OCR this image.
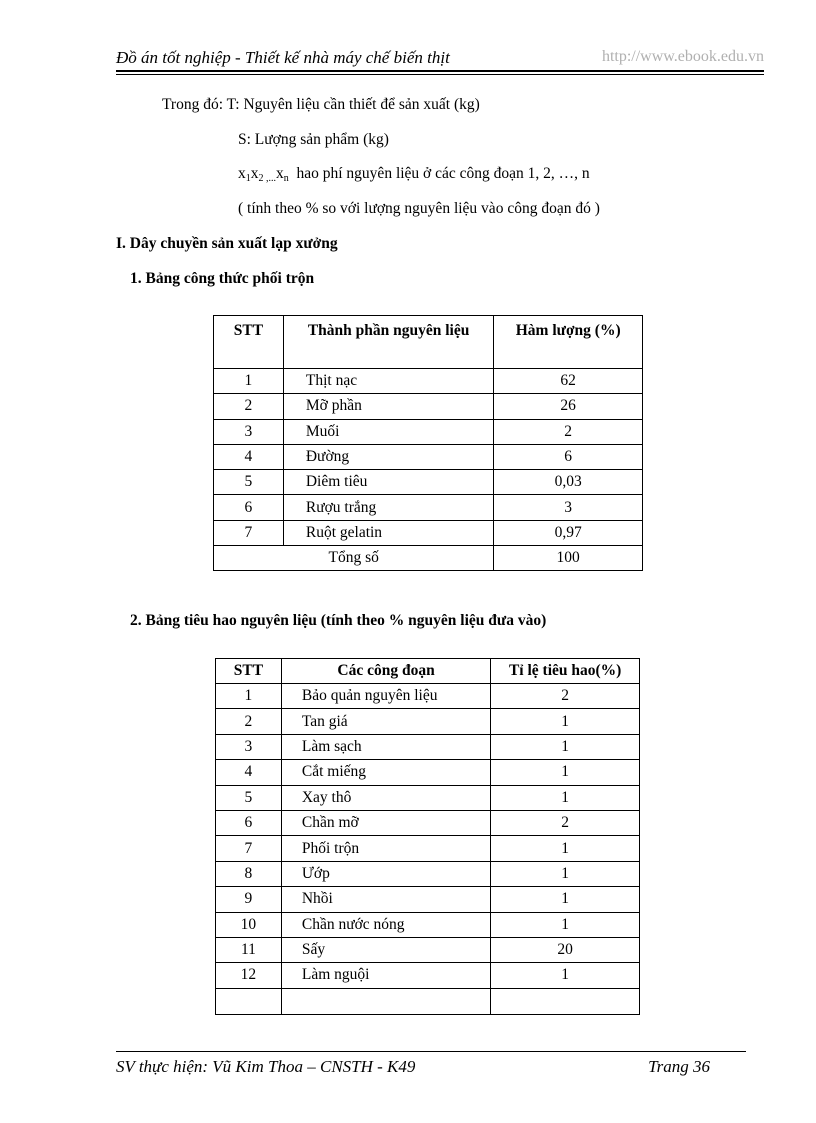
Đồ án tốt nghiệp - Thiết kế nhà máy chế biến thịt	http://www.ebook.edu.vn
Trong đó: T: Nguyên liệu cần thiết để sản xuất (kg)
S: Lượng sản phẩm (kg)
$x_1x_{2 ,...}x_n$ hao phí nguyên liệu ở các công đoạn 1, 2, …, n
( tính theo % so với lượng nguyên liệu vào công đoạn đó )
I. Dây chuyền sản xuất lạp xưởng
1. Bảng công thức phối trộn
STT	Thành phần nguyên liệu	Hàm lượng (%)
1	Thịt nạc	62
2	Mỡ phần	26
3	Muối	2
4	Đường	6
5	Diêm tiêu	0,03
6	Rượu trắng	3
7	Ruột gelatin	0,97
Tổng số		100
2. Bảng tiêu hao nguyên liệu (tính theo % nguyên liệu đưa vào)
STT	Các công đoạn	Tỉ lệ tiêu hao(%)
1	Bảo quản nguyên liệu	2
2	Tan giá	1
3	Làm sạch	1
4	Cắt miếng	1
5	Xay thô	1
6	Chần mỡ	2
7	Phối trộn	1
8	Ướp	1
9	Nhồi	1
10	Chần nước nóng	1
11	Sấy	20
12	Làm nguội	1

SV thực hiện: Vũ Kim Thoa – CNSTH - K49	Trang 36
